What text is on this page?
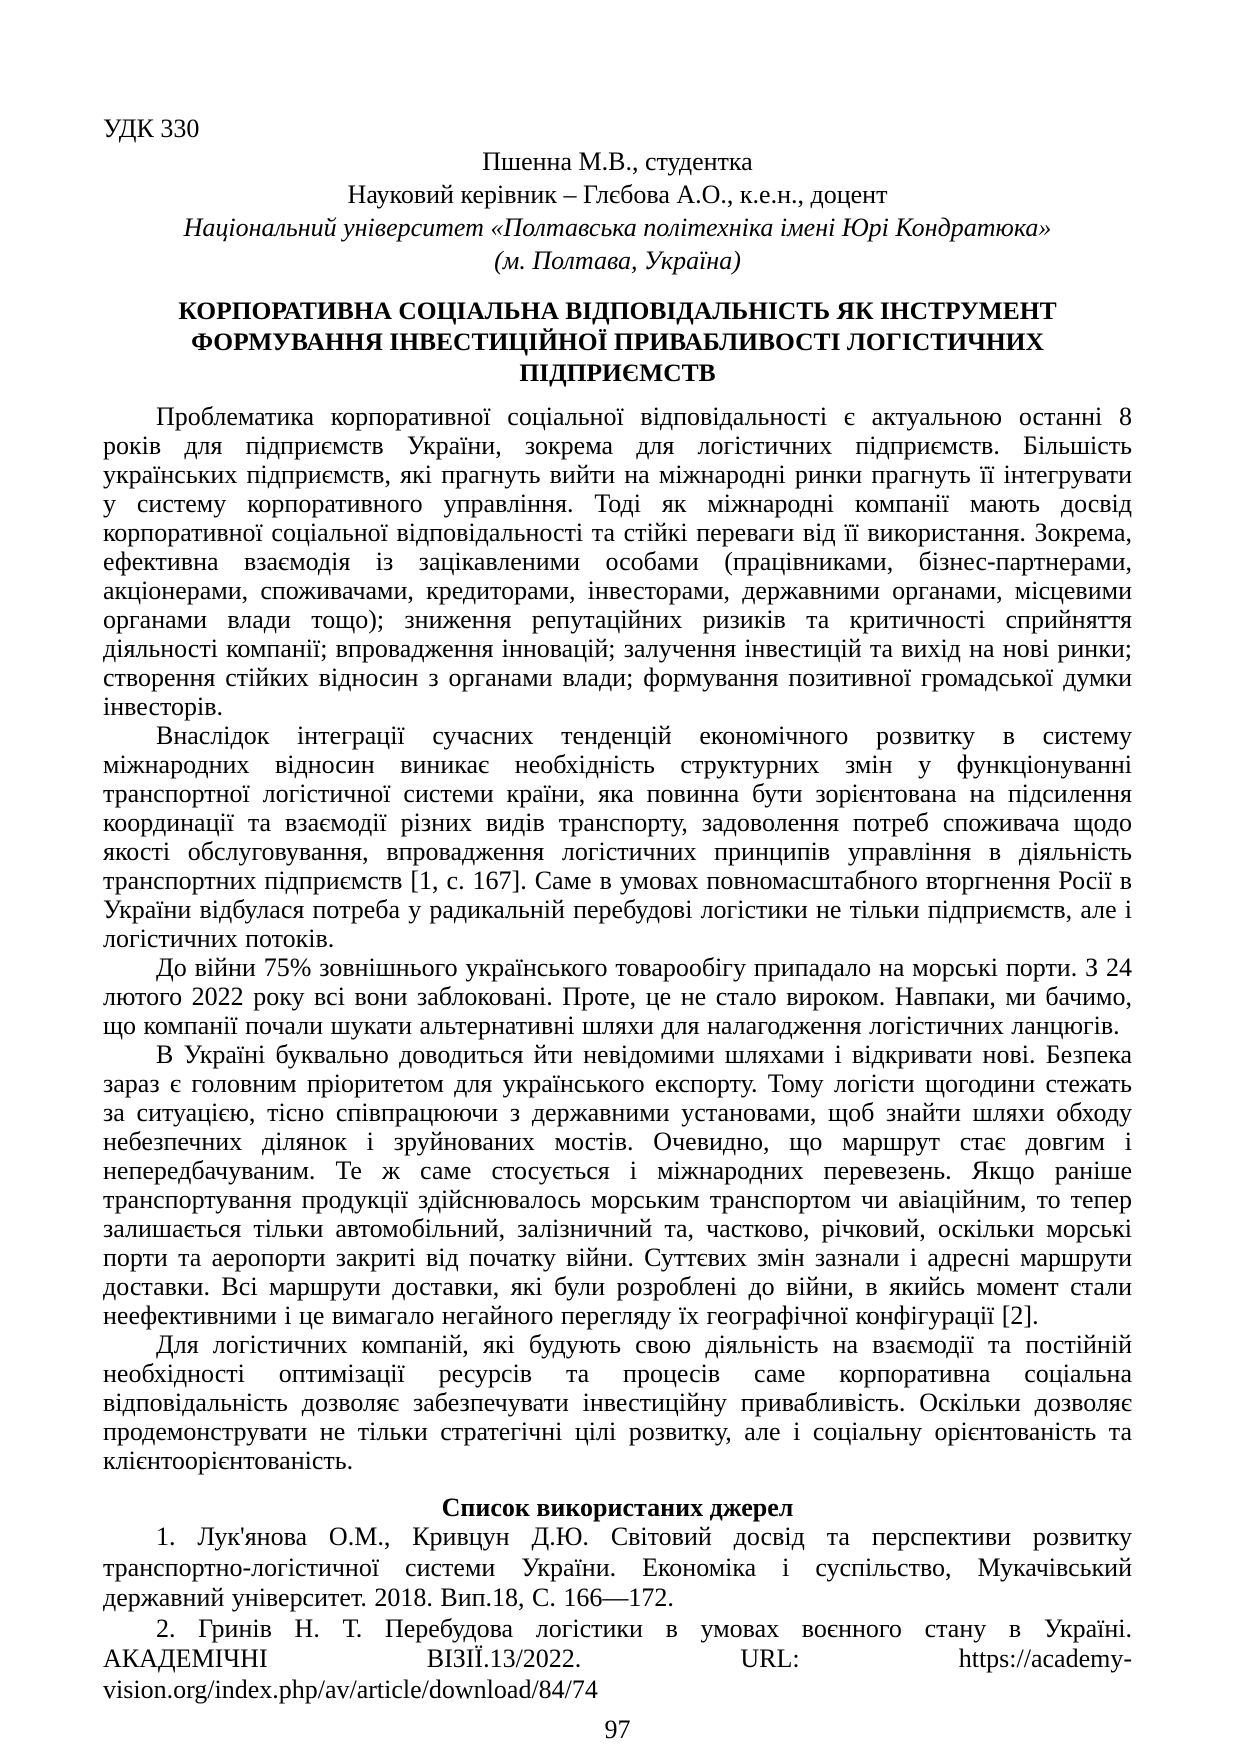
УДК 330

Пшенна М.В., студентка

Науковий керівник – Глєбова А.О., к.е.н., доцент

Національний університет «Полтавська політехніка імені Юрі Кондратюка»

(м. Полтава, Україна)

КОРПОРАТИВНА СОЦІАЛЬНА ВІДПОВІДАЛЬНІСТЬ ЯК ІНСТРУМЕНТ
ФОРМУВАННЯ ІНВЕСТИЦІЙНОЇ ПРИВАБЛИВОСТІ ЛОГІСТИЧНИХ
ПІДПРИЄМСТВ

Проблематика корпоративної соціальної відповідальності є актуальною останні 8 років для підприємств України, зокрема для логістичних підприємств. Більшість українських підприємств, які прагнуть вийти на міжнародні ринки прагнуть її інтегрувати у систему корпоративного управління. Тоді як міжнародні компанії мають досвід корпоративної соціальної відповідальності та стійкі переваги від її використання. Зокрема, ефективна взаємодія із зацікавленими особами (працівниками, бізнес-партнерами, акціонерами, споживачами, кредиторами, інвесторами, державними органами, місцевими органами влади тощо); зниження репутаційних ризиків та критичності сприйняття діяльності компанії; впровадження інновацій; залучення інвестицій та вихід на нові ринки; створення стійких відносин з органами влади; формування позитивної громадської думки інвесторів.

Внаслідок інтеграції сучасних тенденцій економічного розвитку в систему міжнародних відносин виникає необхідність структурних змін у функціонуванні транспортної логістичної системи країни, яка повинна бути зорієнтована на підсилення координації та взаємодії різних видів транспорту, задоволення потреб споживача щодо якості обслуговування, впровадження логістичних принципів управління в діяльність транспортних підприємств [1, с. 167]. Саме в умовах повномасштабного вторгнення Росії в України відбулася потреба у радикальній перебудові логістики не тільки підприємств, але і логістичних потоків.

До війни 75% зовнішнього українського товарообігу припадало на морські порти. З 24 лютого 2022 року всі вони заблоковані. Проте, це не стало вироком. Навпаки, ми бачимо, що компанії почали шукати альтернативні шляхи для налагодження логістичних ланцюгів.

В Україні буквально доводиться йти невідомими шляхами і відкривати нові. Безпека зараз є головним пріоритетом для українського експорту. Тому логісти щогодини стежать за ситуацією, тісно співпрацюючи з державними установами, щоб знайти шляхи обходу небезпечних ділянок і зруйнованих мостів. Очевидно, що маршрут стає довгим і непередбачуваним. Те ж саме стосується і міжнародних перевезень. Якщо раніше транспортування продукції здійснювалось морським транспортом чи авіаційним, то тепер залишається тільки автомобільний, залізничний та, частково, річковий, оскільки морські порти та аеропорти закриті від початку війни. Суттєвих змін зазнали і адресні маршрути доставки. Всі маршрути доставки, які були розроблені до війни, в якийсь момент стали неефективними і це вимагало негайного перегляду їх географічної конфігурації [2].

Для логістичних компаній, які будують свою діяльність на взаємодії та постійній необхідності оптимізації ресурсів та процесів саме корпоративна соціальна відповідальність дозволяє забезпечувати інвестиційну привабливість. Оскільки дозволяє продемонструвати не тільки стратегічні цілі розвитку, але і соціальну орієнтованість та клієнтоорієнтованість.

Список використаних джерел

1. Лук'янова О.М., Кривцун Д.Ю. Світовий досвід та перспективи розвитку транспортно-логістичної системи України. Економіка і суспільство, Мукачівський державний університет. 2018. Вип.18, С. 166—172.

2. Гринів Н. Т. Перебудова логістики в умовах воєнного стану в Україні. АКАДЕМІЧНІ ВІЗІЇ.13/2022. URL: https://academy-vision.org/index.php/av/article/download/84/74

97
